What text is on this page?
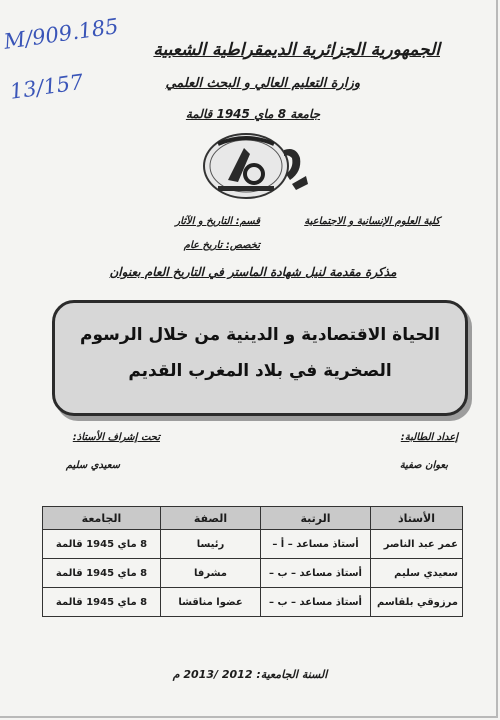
M/909.185
13/157
الجمهورية الجزائرية الديمقراطية الشعبية
وزارة التعليم العالي و البحث العلمي
جامعة 8 ماي 1945 قالمة
كلية العلوم الإنسانية و الاجتماعية
قسم: التاريخ و الآثار
تخصص: تاريخ عام
مذكرة مقدمة لنيل شهادة الماستر في التاريخ العام بعنوان
الحياة الاقتصادية و الدينية من خلال الرسوم
الصخرية في بلاد المغرب القديم
إعداد الطالبة:
بعوان صفية
تحت إشراف الأستاذ:
سعيدي سليم
الأستاذ	الرتبة	الصفة	الجامعة
عمر عبد الناصر	أستاذ مساعد – أ –	رئيسا	8 ماي 1945 قالمة
سعيدي سليم	أستاذ مساعد – ب –	مشرفا	8 ماي 1945 قالمة
مرزوقي بلقاسم	أستاذ مساعد – ب –	عضوا مناقشا	8 ماي 1945 قالمة
السنة الجامعية: 2012 /2013 م
